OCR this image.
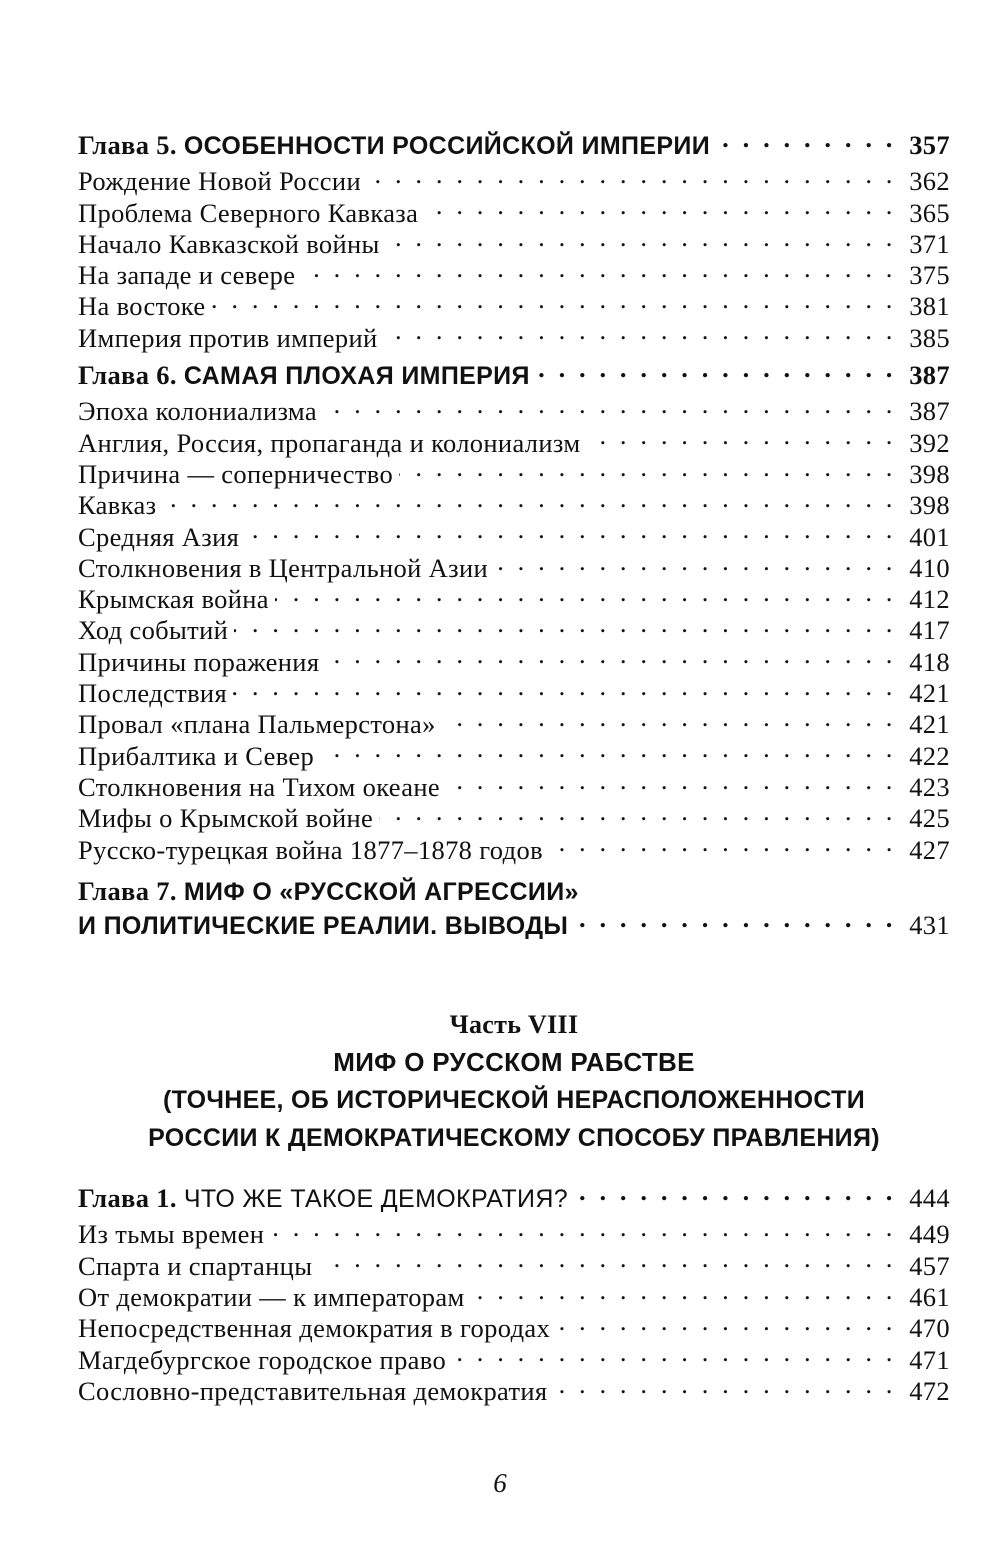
Глава 5. ОСОБЕННОСТИ РОССИЙСКОЙ ИМПЕРИИ . . .	357
Рождение Новой России . . .	362
Проблема Северного Кавказа . . .	365
Начало Кавказской войны . . .	371
На западе и севере . . .	375
На востоке . . .	381
Империя против империй . . .	385
Глава 6. САМАЯ ПЛОХАЯ ИМПЕРИЯ . . .	387
Эпоха колониализма . . .	387
Англия, Россия, пропаганда и колониализм . . .	392
Причина — соперничество . . .	398
Кавказ . . .	398
Средняя Азия . . .	401
Столкновения в Центральной Азии . . .	410
Крымская война . . .	412
Ход событий . . .	417
Причины поражения . . .	418
Последствия . . .	421
Провал «плана Пальмерстона» . . .	421
Прибалтика и Север . . .	422
Столкновения на Тихом океане . . .	423
Мифы о Крымской войне . . .	425
Русско-турецкая война 1877–1878 годов . . .	427
Глава 7. МИФ О «РУССКОЙ АГРЕССИИ»
И ПОЛИТИЧЕСКИЕ РЕАЛИИ. ВЫВОДЫ . . .	431
Часть VIII
МИФ О РУССКОМ РАБСТВЕ
(ТОЧНЕЕ, ОБ ИСТОРИЧЕСКОЙ НЕРАСПОЛОЖЕННОСТИ
РОССИИ К ДЕМОКРАТИЧЕСКОМУ СПОСОБУ ПРАВЛЕНИЯ)
Глава 1. ЧТО ЖЕ ТАКОЕ ДЕМОКРАТИЯ? . . .	444
Из тьмы времен . . .	449
Спарта и спартанцы . . .	457
От демократии — к императорам . . .	461
Непосредственная демократия в городах . . .	470
Магдебургское городское право . . .	471
Сословно-представительная демократия . . .	472
6
